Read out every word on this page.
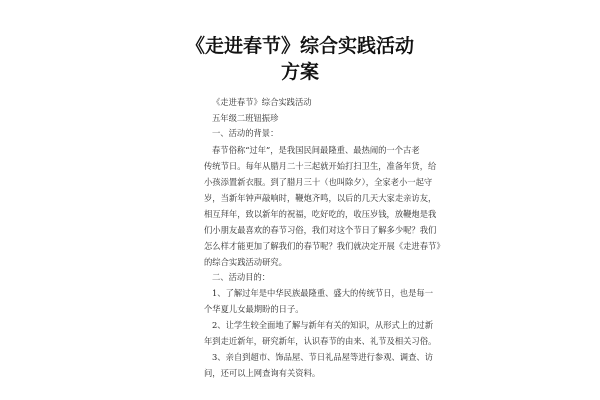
《走进春节》综合实践活动
方案
《走进春节》综合实践活动
五年级二班钮振珍
一、活动的背景：
春节俗称“过年”，是我国民间最隆重、最热闹的一个古老
传统节日。每年从腊月二十三起就开始打扫卫生，准备年货，给
小孩添置新衣服。到了腊月三十（也叫除夕），全家老小一起守
岁，当新年钟声敲响时，鞭炮齐鸣，以后的几天大家走亲访友，
相互拜年，致以新年的祝福，吃好吃的，收压岁钱，放鞭炮是我
们小朋友最喜欢的春节习俗，我们对这个节日了解多少呢？我们
怎么样才能更加了解我们的春节呢？我们就决定开展《走进春节》
的综合实践活动研究。
二、活动目的：
1、了解过年是中华民族最隆重、盛大的传统节日，也是每一
个华夏儿女最期盼的日子。
2、让学生较全面地了解与新年有关的知识，从形式上的过新
年到走近新年，研究新年，认识春节的由来、礼节及相关习俗。
3、亲自到超市、饰品屋、节日礼品屋等进行参观、调查、访
问，还可以上网查询有关资料。
